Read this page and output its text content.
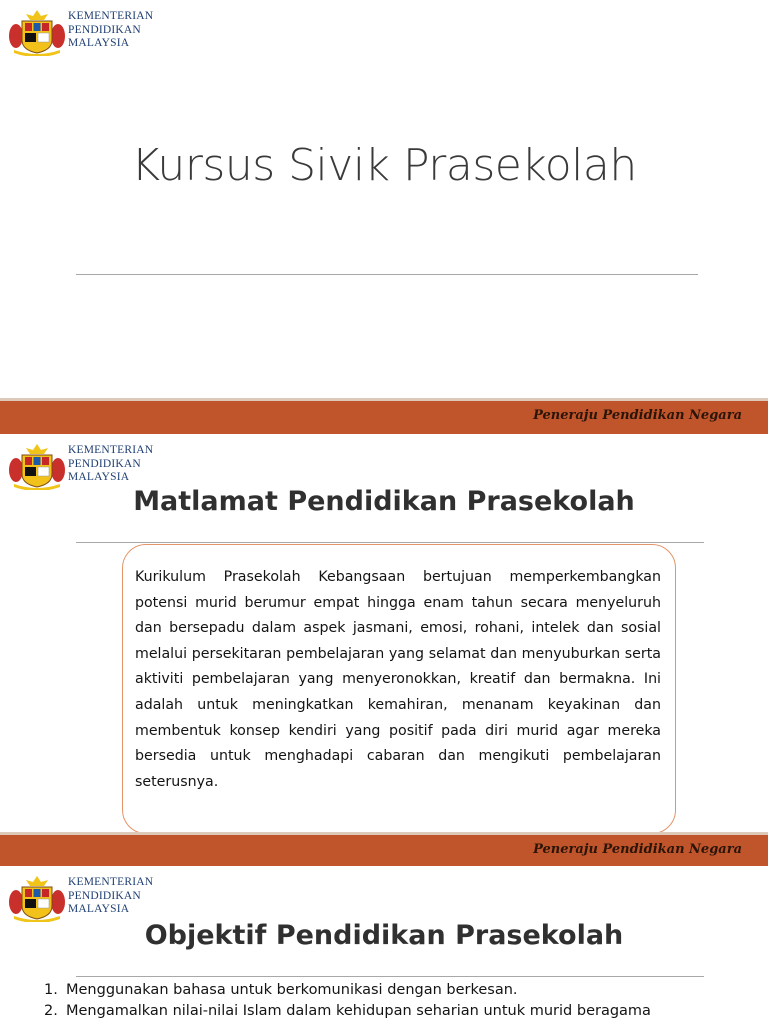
KEMENTERIAN
PENDIDIKAN
MALAYSIA
Kursus Sivik Prasekolah
Peneraju Pendidikan Negara
KEMENTERIAN
PENDIDIKAN
MALAYSIA
Matlamat Pendidikan Prasekolah

Kurikulum Prasekolah Kebangsaan bertujuan memperkembangkan potensi murid berumur empat hingga enam tahun secara menyeluruh dan bersepadu dalam aspek jasmani, emosi, rohani, intelek dan sosial melalui persekitaran pembelajaran yang selamat dan menyuburkan serta aktiviti pembelajaran yang menyeronokkan, kreatif dan bermakna. Ini adalah untuk meningkatkan kemahiran, menanam keyakinan dan membentuk konsep kendiri yang positif pada diri murid agar mereka bersedia untuk menghadapi cabaran dan mengikuti pembelajaran seterusnya.

Peneraju Pendidikan Negara
KEMENTERIAN
PENDIDIKAN
MALAYSIA
Objektif Pendidikan Prasekolah
1. Menggunakan bahasa untuk berkomunikasi dengan berkesan.
2. Mengamalkan nilai-nilai Islam dalam kehidupan seharian untuk murid beragama
